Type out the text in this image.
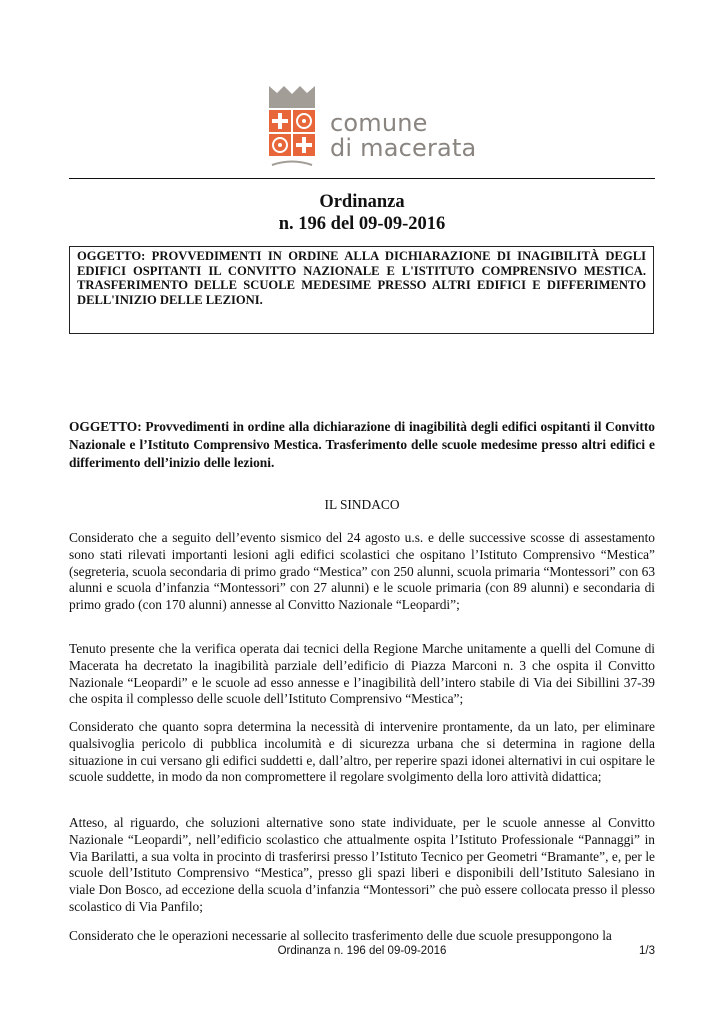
comune
di macerata
Ordinanza
n. 196 del 09-09-2016

OGGETTO: PROVVEDIMENTI IN ORDINE ALLA DICHIARAZIONE DI INAGIBILITÀ DEGLI EDIFICI OSPITANTI IL CONVITTO NAZIONALE E L'ISTITUTO COMPRENSIVO MESTICA. TRASFERIMENTO DELLE SCUOLE MEDESIME PRESSO ALTRI EDIFICI E DIFFERIMENTO DELL'INIZIO DELLE LEZIONI.

OGGETTO: Provvedimenti in ordine alla dichiarazione di inagibilità degli edifici ospitanti il Convitto Nazionale e l’Istituto Comprensivo Mestica. Trasferimento delle scuole medesime presso altri edifici e differimento dell’inizio delle lezioni.

IL SINDACO

Considerato che a seguito dell’evento sismico del 24 agosto u.s. e delle successive scosse di assestamento sono stati rilevati importanti lesioni agli edifici scolastici che ospitano l’Istituto Comprensivo “Mestica” (segreteria, scuola secondaria di primo grado “Mestica” con 250 alunni, scuola primaria “Montessori” con 63 alunni e scuola d’infanzia “Montessori” con 27 alunni) e le scuole primaria (con 89 alunni) e secondaria di primo grado (con 170 alunni) annesse al Convitto Nazionale “Leopardi”;

Tenuto presente che la verifica operata dai tecnici della Regione Marche unitamente a quelli del Comune di Macerata ha decretato la inagibilità parziale dell’edificio di Piazza Marconi n. 3 che ospita il Convitto Nazionale “Leopardi” e le scuole ad esso annesse e l’inagibilità dell’intero stabile di Via dei Sibillini 37-39 che ospita il complesso delle scuole dell’Istituto Comprensivo “Mestica”;

Considerato che quanto sopra determina la necessità di intervenire prontamente, da un lato, per eliminare qualsivoglia pericolo di pubblica incolumità e di sicurezza urbana che si determina in ragione della situazione in cui versano gli edifici suddetti e, dall’altro, per reperire spazi idonei alternativi in cui ospitare le scuole suddette, in modo da non compromettere il regolare svolgimento della loro attività didattica;

Atteso, al riguardo, che soluzioni alternative sono state individuate, per le scuole annesse al Convitto Nazionale “Leopardi”, nell’edificio scolastico che attualmente ospita l’Istituto Professionale “Pannaggi” in Via Barilatti, a sua volta in procinto di trasferirsi presso l’Istituto Tecnico per Geometri “Bramante”, e, per le scuole dell’Istituto Comprensivo “Mestica”, presso gli spazi liberi e disponibili dell’Istituto Salesiano in viale Don Bosco, ad eccezione della scuola d’infanzia “Montessori” che può essere collocata presso il plesso scolastico di Via Panfilo;

Considerato che le operazioni necessarie al sollecito trasferimento delle due scuole presuppongono la

Ordinanza n. 196 del 09-09-2016	1/3
